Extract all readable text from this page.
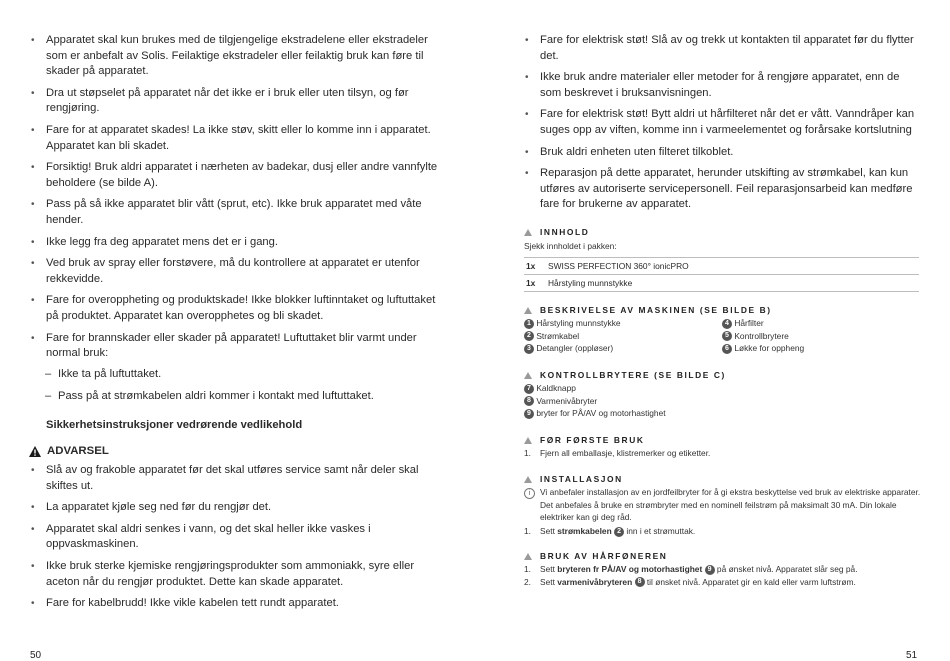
• Apparatet skal kun brukes med de tilgjengelige ekstradelene eller ekstradeler som er anbefalt av Solis. Feilaktige ekstradeler eller feilaktig bruk kan føre til skader på apparatet.
• Dra ut støpselet på apparatet når det ikke er i bruk eller uten tilsyn, og før rengjøring.
• Fare for at apparatet skades! La ikke støv, skitt eller lo komme inn i apparatet. Apparatet kan bli skadet.
• Forsiktig! Bruk aldri apparatet i nærheten av badekar, dusj eller andre vannfylte beholdere (se bilde A).
• Pass på så ikke apparatet blir vått (sprut, etc). Ikke bruk apparatet med våte hender.
• Ikke legg fra deg apparatet mens det er i gang.
• Ved bruk av spray eller forstøvere, må du kontrollere at apparatet er utenfor rekkevidde.
• Fare for overoppheting og produktskade! Ikke blokker luftinntaket og luftuttaket på produktet. Apparatet kan overopphetes og bli skadet.
• Fare for brannskader eller skader på apparatet! Luftuttaket blir varmt under normal bruk:
– Ikke ta på luftuttaket.
– Pass på at strømkabelen aldri kommer i kontakt med luftuttaket.
Sikkerhetsinstruksjoner vedrørende vedlikehold
ADVARSEL
• Slå av og frakoble apparatet før det skal utføres service samt når deler skal skiftes ut.
• La apparatet kjøle seg ned før du rengjør det.
• Apparatet skal aldri senkes i vann, og det skal heller ikke vaskes i oppvaskmaskinen.
• Ikke bruk sterke kjemiske rengjøringsprodukter som ammoniakk, syre eller aceton når du rengjør produktet. Dette kan skade apparatet.
• Fare for kabelbrudd! Ikke vikle kabelen tett rundt apparatet.
50
• Fare for elektrisk støt! Slå av og trekk ut kontakten til apparatet før du flytter det.
• Ikke bruk andre materialer eller metoder for å rengjøre apparatet, enn de som beskrevet i bruksanvisningen.
• Fare for elektrisk støt! Bytt aldri ut hårfilteret når det er vått. Vanndråper kan suges opp av viften, komme inn i varmeelementet og forårsake kortslutning
• Bruk aldri enheten uten filteret tilkoblet.
• Reparasjon på dette apparatet, herunder utskifting av strømkabel, kan kun utføres av autoriserte servicepersonell. Feil reparasjonsarbeid kan medføre fare for brukerne av apparatet.
INNHOLD
Sjekk innholdet i pakken:
1x	SWISS PERFECTION 360° ionicPRO
1x	Hårstyling munnstykke
BESKRIVELSE AV MASKINEN (SE BILDE B)
1 Hårstyling munnstykke
2 Strømkabel
3 Detangler (oppløser)
4 Hårfilter
5 Kontrollbrytere
6 Løkke for oppheng
KONTROLLBRYTERE (SE BILDE C)
7 Kaldknapp
8 Varmenivåbryter
9 bryter for PÅ/AV og motorhastighet
FØR FØRSTE BRUK
1. Fjern all emballasje, klistremerker og etiketter.
INSTALLASJON
i	Vi anbefaler installasjon av en jordfeilbryter for å gi ekstra beskyttelse ved bruk av elektriske apparater. Det anbefales å bruke en strømbryter med en nominell feilstrøm på maksimalt 30 mA. Din lokale elektriker kan gi deg råd.
1. Sett strømkabelen 2 inn i et strømuttak.
BRUK AV HÅRFØNEREN
1. Sett bryteren fr PÅ/AV og motorhastighet 9 på ønsket nivå. Apparatet slår seg på.
2. Sett varmenivåbryteren 8 til ønsket nivå. Apparatet gir en kald eller varm luftstrøm.
51
